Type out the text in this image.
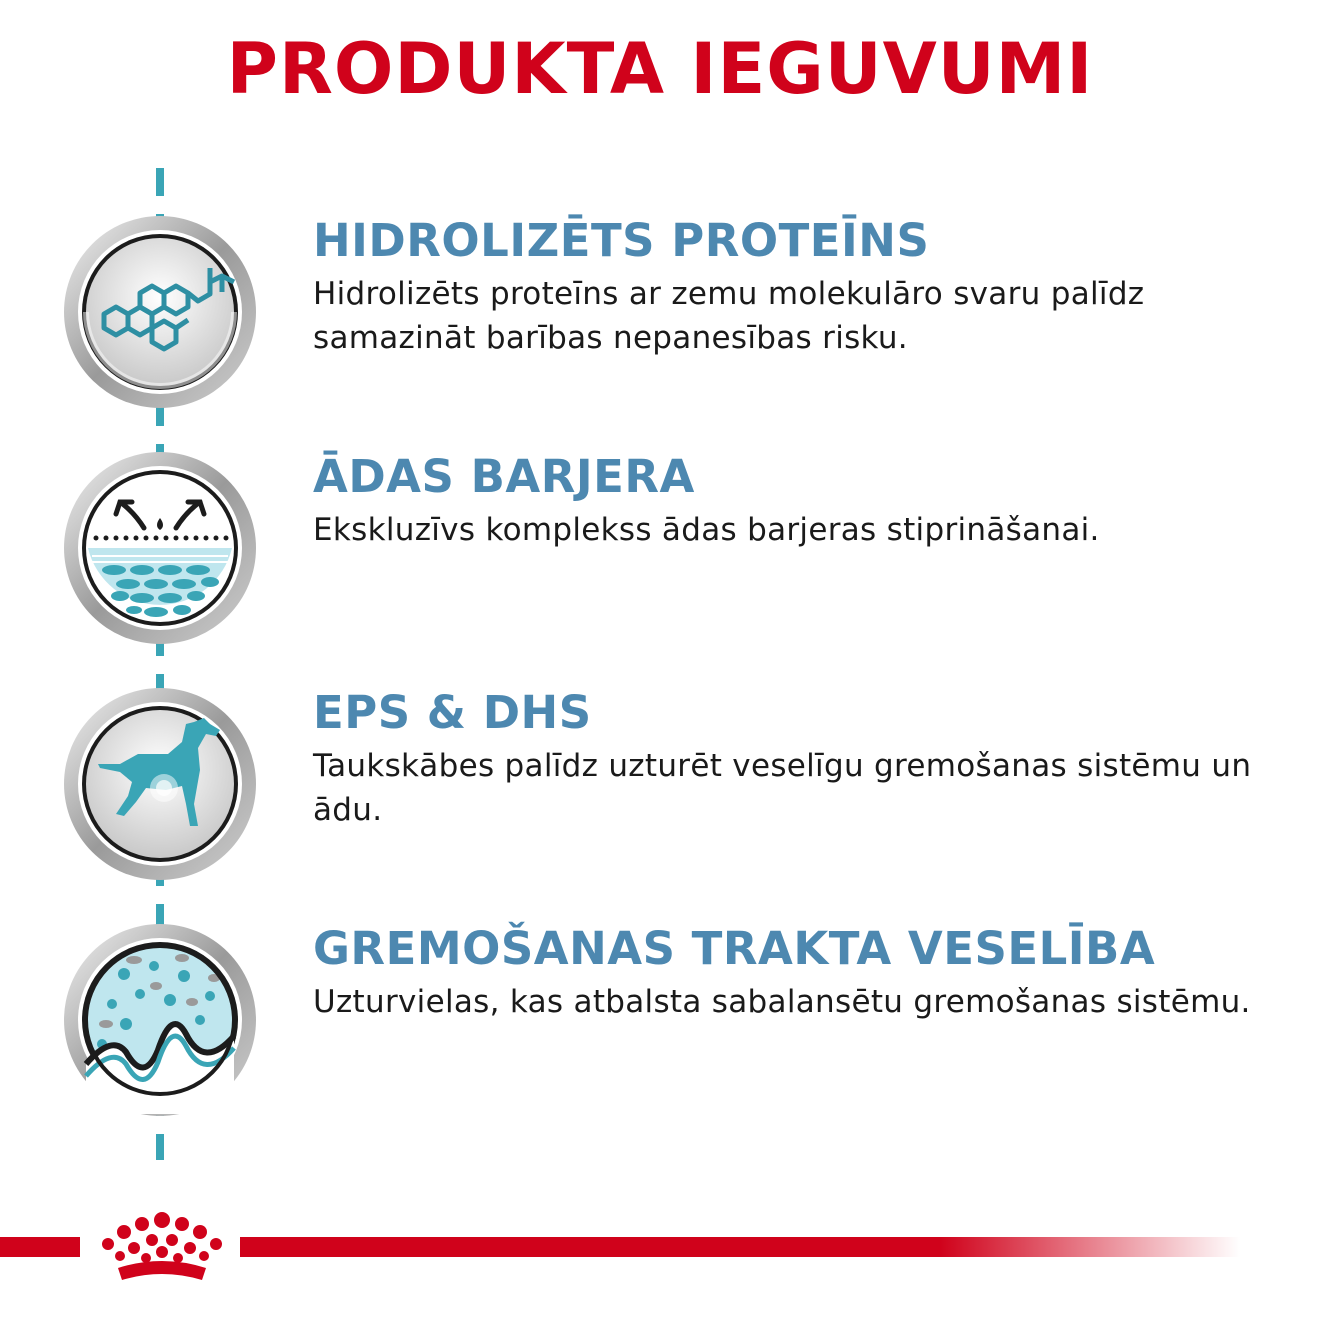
PRODUKTA IEGUVUMI
HIDROLIZĒTS PROTEĪNS

Hidrolizēts proteīns ar zemu molekulāro svaru palīdz samazināt barības nepanesības risku.

ĀDAS BARJERA

Ekskluzīvs komplekss ādas barjeras stiprināšanai.

EPS & DHS

Taukskābes palīdz uzturēt veselīgu gremošanas sistēmu un ādu.

GREMOŠANAS TRAKTA VESELĪBA

Uzturvielas, kas atbalsta sabalansētu gremošanas sistēmu.
